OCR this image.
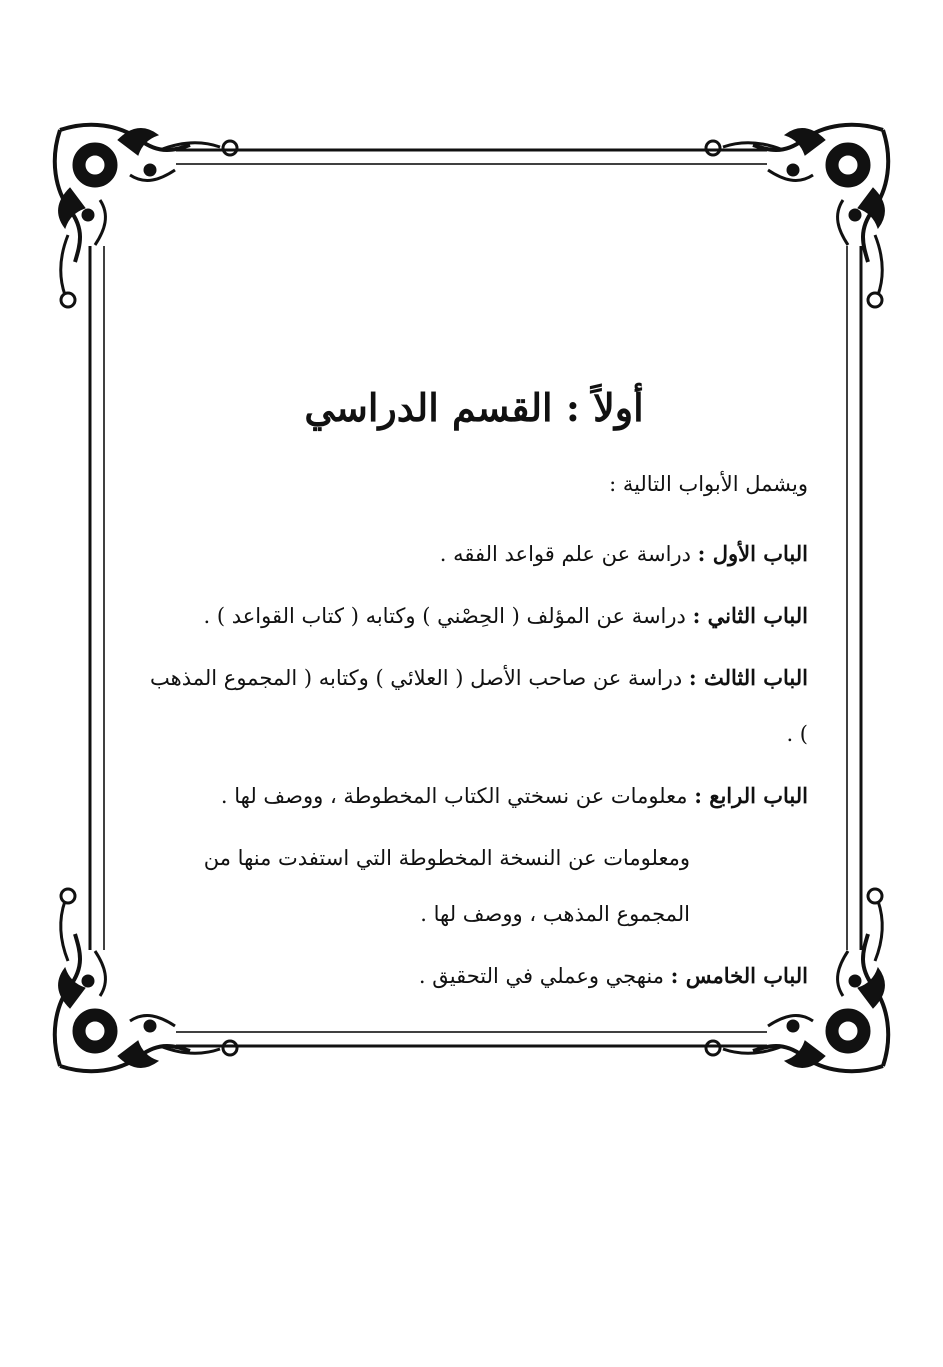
أولاً : القسم الدراسي
ويشمل الأبواب التالية :
الباب الأول : دراسة عن علم قواعد الفقه .
الباب الثاني : دراسة عن المؤلف ( الحِصْني ) وكتابه ( كتاب القواعد ) .
الباب الثالث : دراسة عن صاحب الأصل ( العلائي ) وكتابه ( المجموع المذهب ) .
الباب الرابع : معلومات عن نسختي الكتاب المخطوطة ، ووصف لها .
ومعلومات عن النسخة المخطوطة التي استفدت منها من المجموع المذهب ، ووصف لها .
الباب الخامس : منهجي وعملي في التحقيق .
